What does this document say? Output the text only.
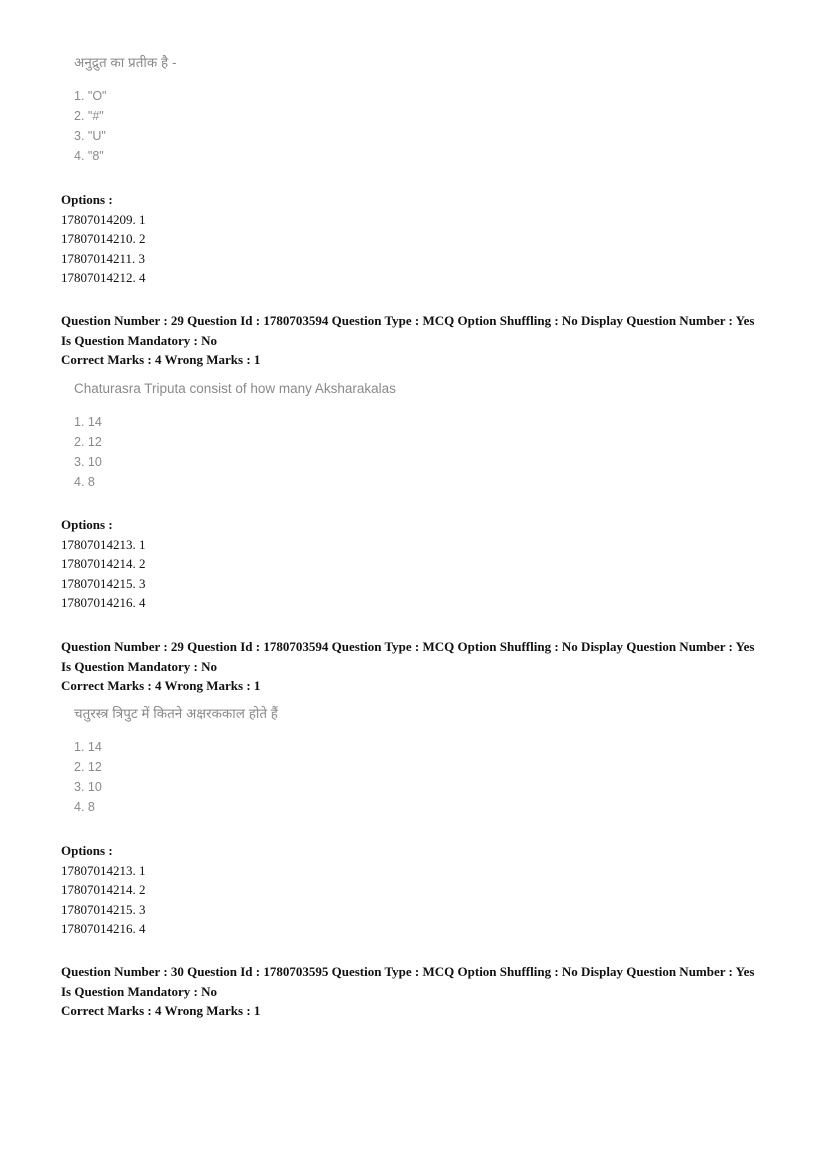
अनुद्रुत का प्रतीक है -
1. "O"
2. "#"
3. "U"
4. "8"
Options :
17807014209. 1
17807014210. 2
17807014211. 3
17807014212. 4
Question Number : 29 Question Id : 1780703594 Question Type : MCQ Option Shuffling : No Display Question Number : Yes
Is Question Mandatory : No
Correct Marks : 4 Wrong Marks : 1
Chaturasra Triputa consist of how many Aksharakalas
1. 14
2. 12
3. 10
4. 8
Options :
17807014213. 1
17807014214. 2
17807014215. 3
17807014216. 4
Question Number : 29 Question Id : 1780703594 Question Type : MCQ Option Shuffling : No Display Question Number : Yes
Is Question Mandatory : No
Correct Marks : 4 Wrong Marks : 1
चतुरस्त्र त्रिपुट में कितने अक्षरककाल होते हैं
1. 14
2. 12
3. 10
4. 8
Options :
17807014213. 1
17807014214. 2
17807014215. 3
17807014216. 4
Question Number : 30 Question Id : 1780703595 Question Type : MCQ Option Shuffling : No Display Question Number : Yes
Is Question Mandatory : No
Correct Marks : 4 Wrong Marks : 1
